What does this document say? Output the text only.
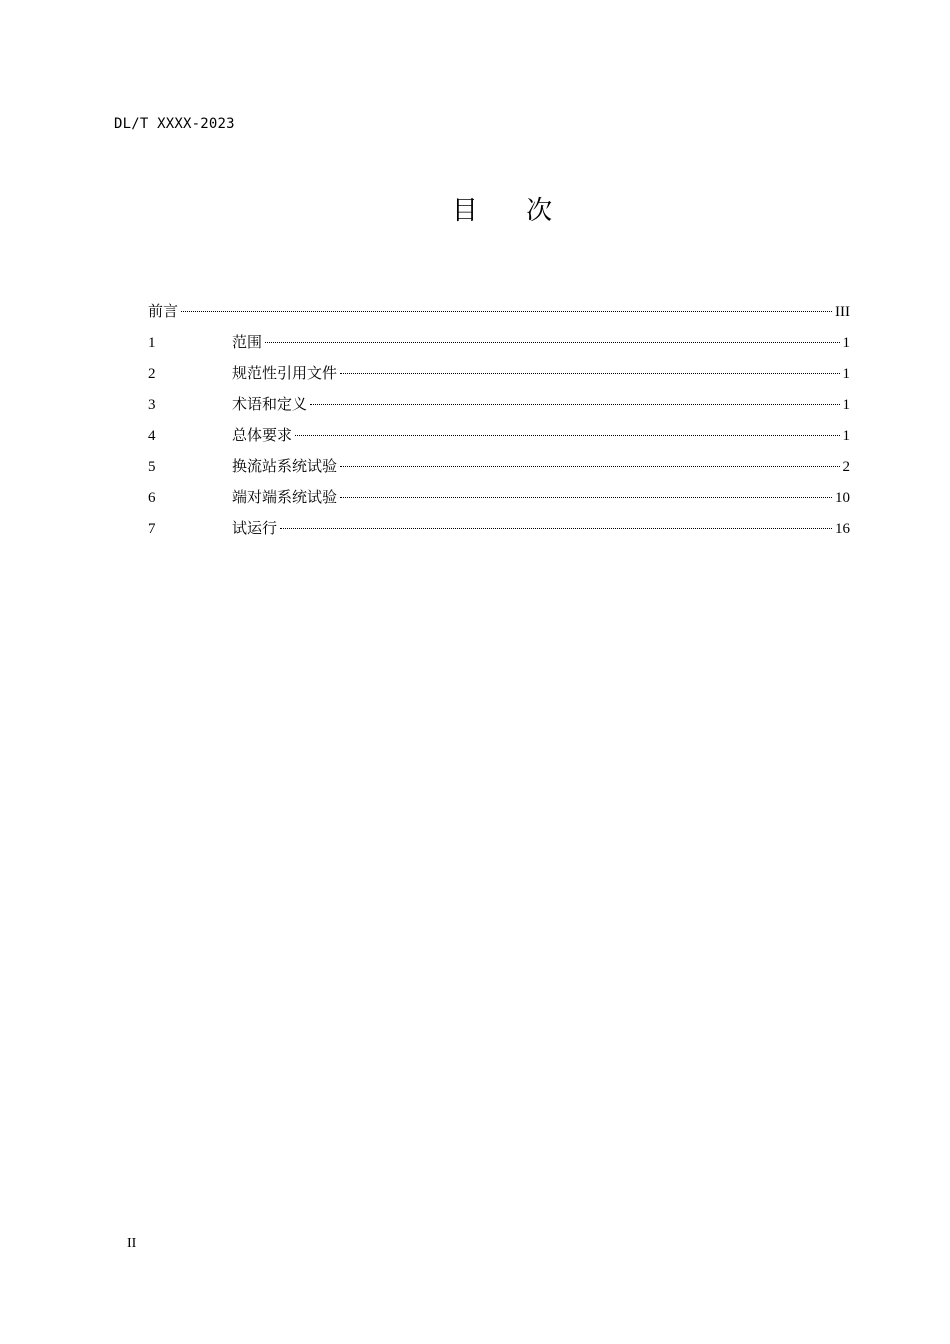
DL/T XXXX-2023
目 次
前言	III
1	范围	1
2	规范性引用文件	1
3	术语和定义	1
4	总体要求	1
5	换流站系统试验	2
6	端对端系统试验	10
7	试运行	16
II
